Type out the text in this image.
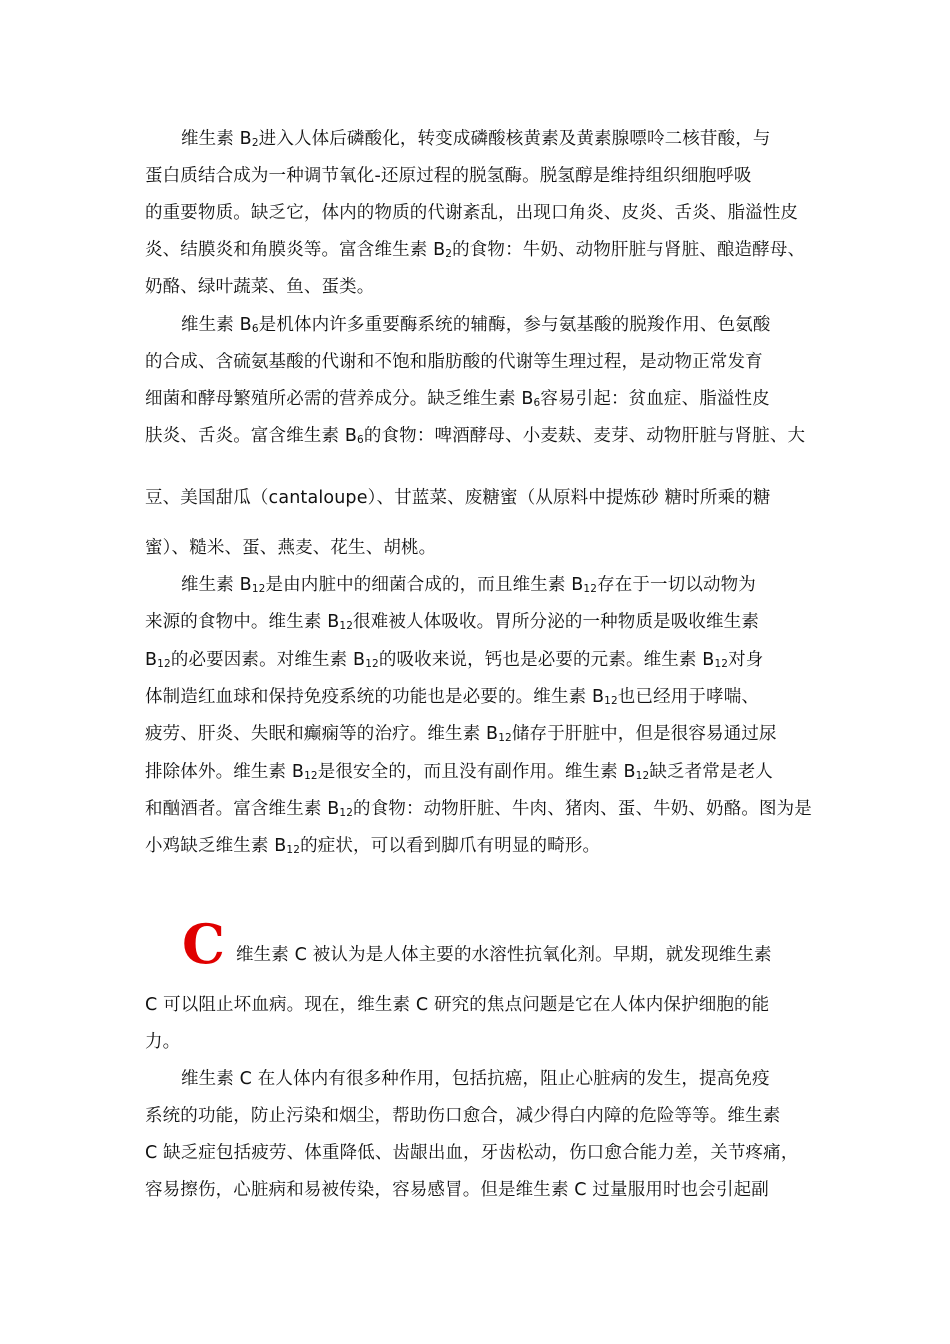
维生素 $B_2$进入人体后磷酸化，转变成磷酸核黄素及黄素腺嘌呤二核苷酸，与
蛋白质结合成为一种调节氧化-还原过程的脱氢酶。脱氢醇是维持组织细胞呼吸
的重要物质。缺乏它，体内的物质的代谢紊乱，出现口角炎、皮炎、舌炎、脂溢性皮
炎、结膜炎和角膜炎等。富含维生素 $B_2$的食物：牛奶、动物肝脏与肾脏、酿造酵母、
奶酪、绿叶蔬菜、鱼、蛋类。
维生素 $B_6$是机体内许多重要酶系统的辅酶，参与氨基酸的脱羧作用、色氨酸
的合成、含硫氨基酸的代谢和不饱和脂肪酸的代谢等生理过程，是动物正常发育
细菌和酵母繁殖所必需的营养成分。缺乏维生素 $B_6$容易引起：贫血症、脂溢性皮
肤炎、舌炎。富含维生素 $B_6$的食物：啤酒酵母、小麦麸、麦芽、动物肝脏与肾脏、大
豆、美国甜瓜（cantaloupe）、甘蓝菜、废糖蜜（从原料中提炼砂 糖时所乘的糖
蜜）、糙米、蛋、燕麦、花生、胡桃。
维生素 $B_{12}$是由内脏中的细菌合成的，而且维生素 $B_{12}$存在于一切以动物为
来源的食物中。维生素 $B_{12}$很难被人体吸收。胃所分泌的一种物质是吸收维生素
$B_{12}$的必要因素。对维生素 $B_{12}$的吸收来说，钙也是必要的元素。维生素 $B_{12}$对身
体制造红血球和保持免疫系统的功能也是必要的。维生素 $B_{12}$也已经用于哮喘、
疲劳、肝炎、失眠和癫痫等的治疗。维生素 $B_{12}$储存于肝脏中，但是很容易通过尿
排除体外。维生素 $B_{12}$是很安全的，而且没有副作用。维生素 $B_{12}$缺乏者常是老人
和酗酒者。富含维生素 $B_{12}$的食物：动物肝脏、牛肉、猪肉、蛋、牛奶、奶酪。图为是
小鸡缺乏维生素 $B_{12}$的症状，可以看到脚爪有明显的畸形。
C 维生素 C 被认为是人体主要的水溶性抗氧化剂。早期，就发现维生素
C 可以阻止坏血病。现在，维生素 C 研究的焦点问题是它在人体内保护细胞的能
力。
维生素 C 在人体内有很多种作用，包括抗癌，阻止心脏病的发生，提高免疫
系统的功能，防止污染和烟尘，帮助伤口愈合，减少得白内障的危险等等。维生素
C 缺乏症包括疲劳、体重降低、齿龈出血，牙齿松动，伤口愈合能力差，关节疼痛，
容易擦伤，心脏病和易被传染，容易感冒。但是维生素 C 过量服用时也会引起副
